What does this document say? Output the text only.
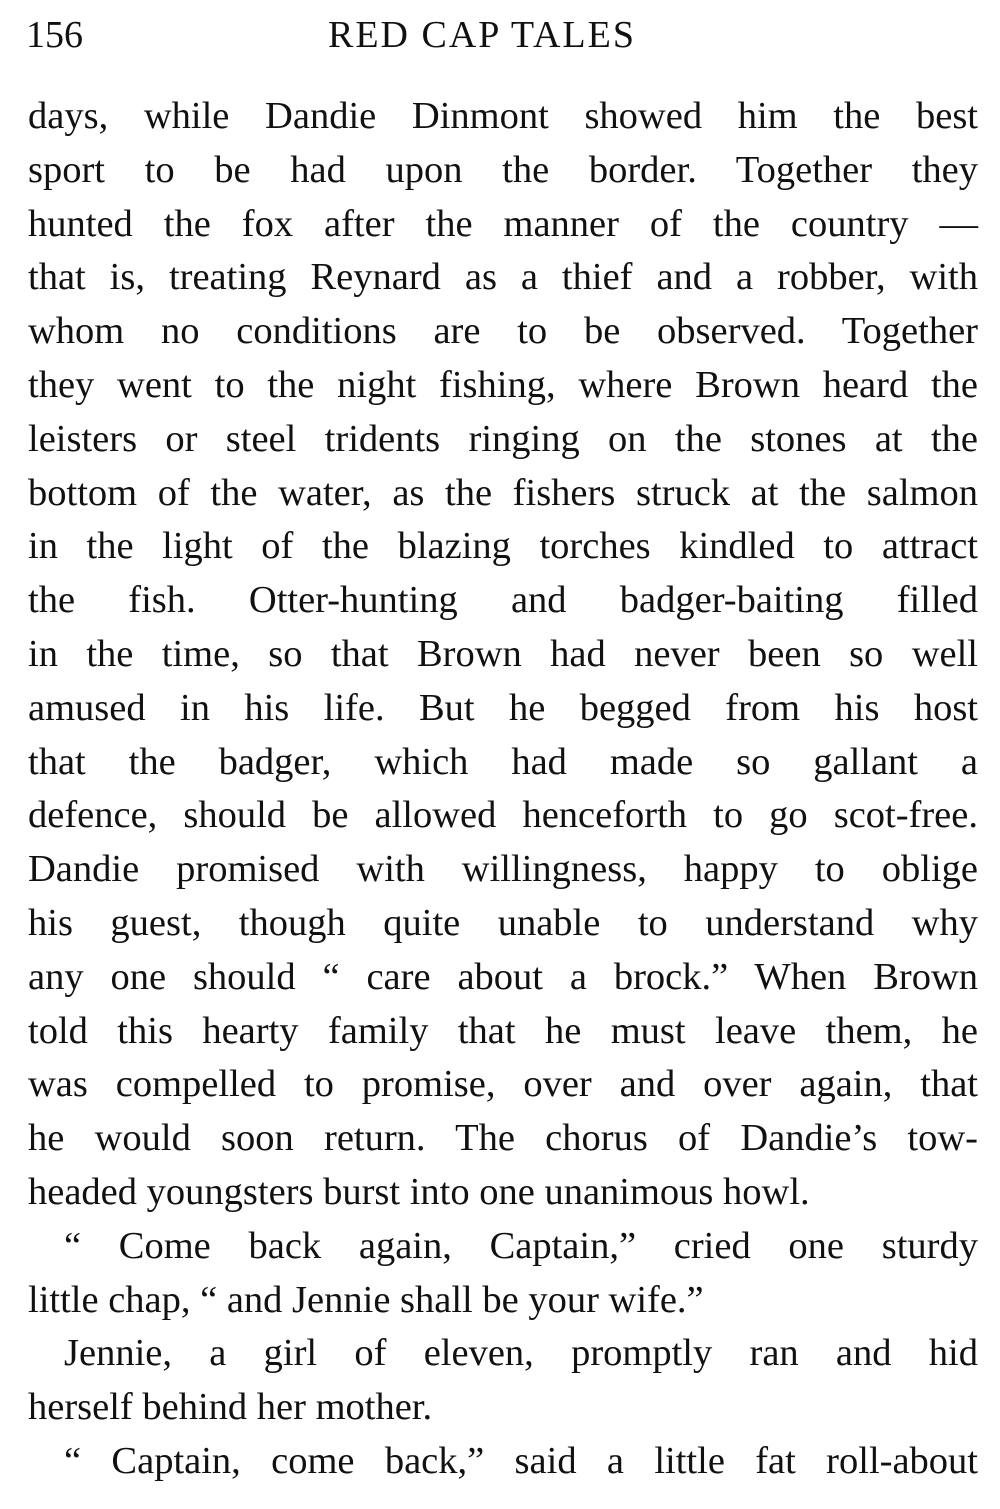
156	RED CAP TALES
days, while Dandie Dinmont showed him the best
sport to be had upon the border. Together they
hunted the fox after the manner of the country —
that is, treating Reynard as a thief and a robber, with
whom no conditions are to be observed. Together
they went to the night fishing, where Brown heard the
leisters or steel tridents ringing on the stones at the
bottom of the water, as the fishers struck at the salmon
in the light of the blazing torches kindled to attract
the fish. Otter-hunting and badger-baiting filled
in the time, so that Brown had never been so well
amused in his life. But he begged from his host
that the badger, which had made so gallant a
defence, should be allowed henceforth to go scot-free.
Dandie promised with willingness, happy to oblige
his guest, though quite unable to understand why
any one should “ care about a brock.” When Brown
told this hearty family that he must leave them, he
was compelled to promise, over and over again, that
he would soon return. The chorus of Dandie’s tow-
headed youngsters burst into one unanimous howl.
“ Come back again, Captain,” cried one sturdy
little chap, “ and Jennie shall be your wife.”
Jennie, a girl of eleven, promptly ran and hid
herself behind her mother.
“ Captain, come back,” said a little fat roll-about
